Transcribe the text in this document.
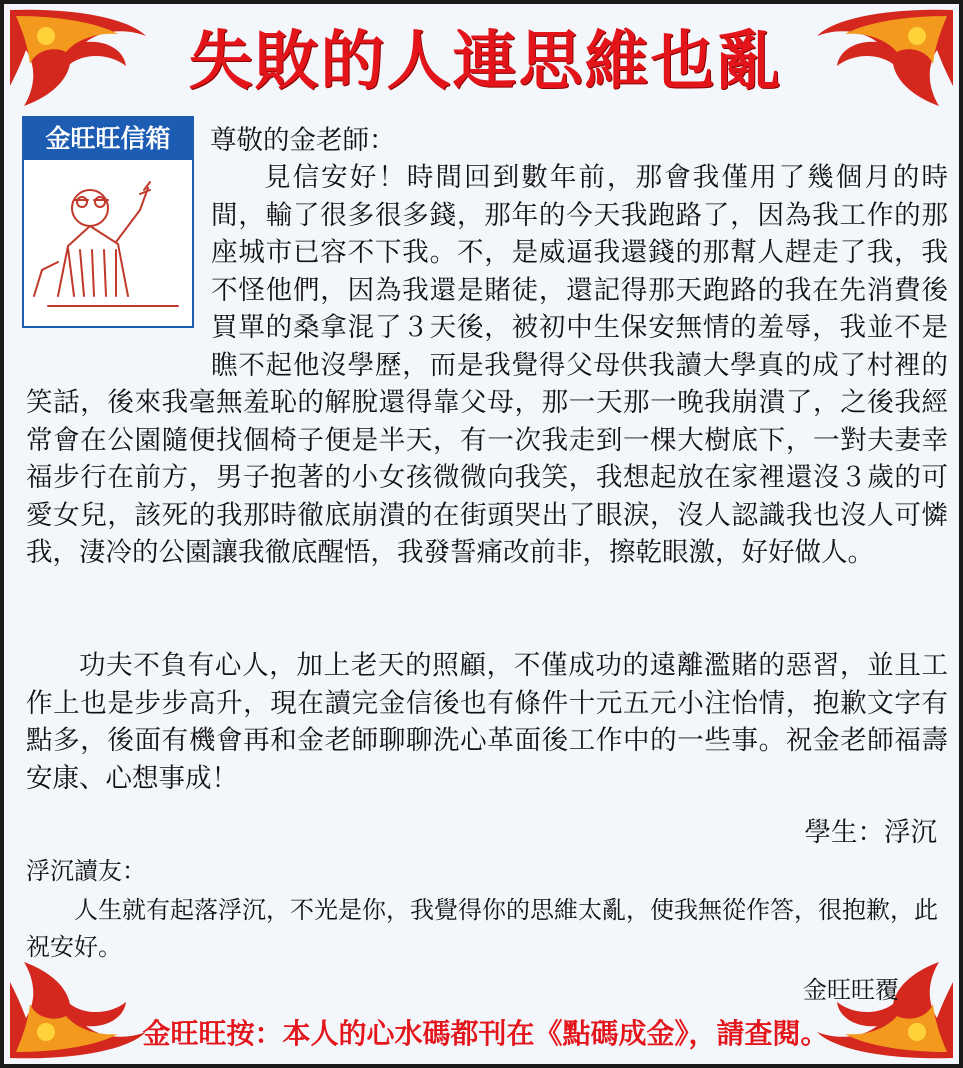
失敗的人連思維也亂
金旺旺信箱	尊敬的金老師：

見信安好！時間回到數年前，那會我僅用了幾個月的時間，輸了很多很多錢，那年的今天我跑路了，因為我工作的那座城市已容不下我。不，是威逼我還錢的那幫人趕走了我，我不怪他們，因為我還是賭徒，還記得那天跑路的我在先消費後買單的桑拿混了３天後，被初中生保安無情的羞辱，我並不是瞧不起他沒學歷，而是我覺得父母供我讀大學真的成了村裡的笑話，後來我毫無羞恥的解脫還得靠父母，那一天那一晚我崩潰了，之後我經常會在公園隨便找個椅子便是半天，有一次我走到一棵大樹底下，一對夫妻幸福步行在前方，男子抱著的小女孩微微向我笑，我想起放在家裡還沒３歲的可愛女兒，該死的我那時徹底崩潰的在街頭哭出了眼淚，沒人認識我也沒人可憐我，淒冷的公園讓我徹底醒悟，我發誓痛改前非，擦乾眼激，好好做人。

功夫不負有心人，加上老天的照顧，不僅成功的遠離濫賭的惡習，並且工作上也是步步高升，現在讀完金信後也有條件十元五元小注怡情，抱歉文字有點多，後面有機會再和金老師聊聊洗心革面後工作中的一些事。祝金老師福壽安康、心想事成！

學生：浮沉
浮沉讀友：

人生就有起落浮沉，不光是你，我覺得你的思維太亂，使我無從作答，很抱歉，此祝安好。

金旺旺覆
金旺旺按：本人的心水碼都刊在《點碼成金》，請查閱。
